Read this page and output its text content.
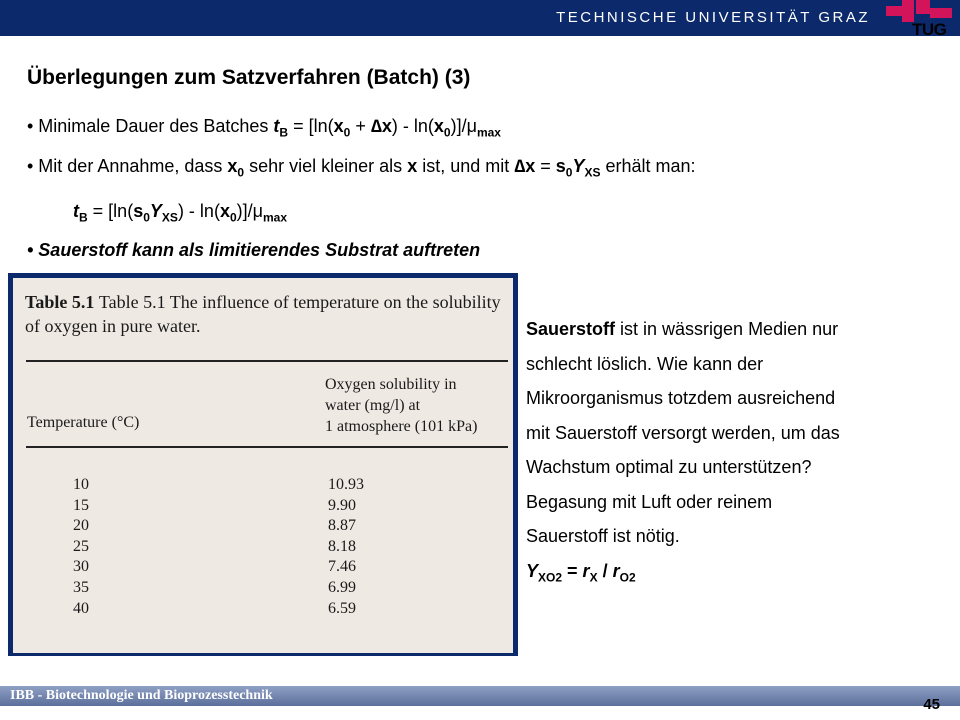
TECHNISCHE UNIVERSITÄT GRAZ
TUG
Überlegungen zum Satzverfahren (Batch) (3)
• Minimale Dauer des Batches $t_B = [\ln(x_0 + \Delta x) - \ln(x_0)]/\mu_{max}$
• Mit der Annahme, dass $x_0$ sehr viel kleiner als x ist, und mit $\Delta x = s_0Y_{XS}$ erhält man:
$t_B = [\ln(s_0Y_{XS}) - \ln(x_0)]/\mu_{max}$
• Sauerstoff kann als limitierendes Substrat auftreten

Table 5.1 Table 5.1 The influence of temperature on the solubility
of oxygen in pure water.
Temperature (°C)
Oxygen solubility in
water (mg/l) at
1 atmosphere (101 kPa)
10
15
20
25
30
35
40
10.93
9.90
8.87
8.18
7.46
6.99
6.59
Sauerstoff ist in wässrigen Medien nur
schlecht löslich. Wie kann der
Mikroorganismus totzdem ausreichend
mit Sauerstoff versorgt werden, um das
Wachstum optimal zu unterstützen?
Begasung mit Luft oder reinem
Sauerstoff ist nötig.
$Y_{XO2} = r_X / r_{O2}$
IBB - Biotechnologie und Bioprozesstechnik
45
